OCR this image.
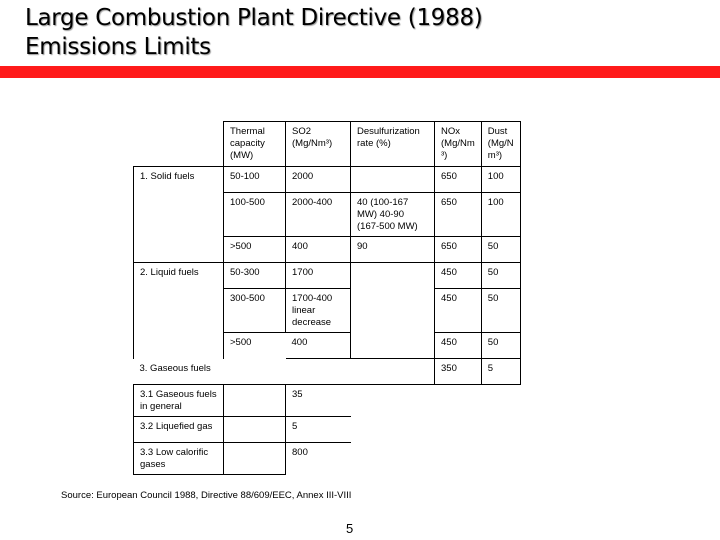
Large Combustion Plant Directive (1988)
Emissions Limits
	Thermal capacity (MW)	SO2 (Mg/Nm³)	Desulfurization rate (%)	NOx (Mg/Nm ³)	Dust (Mg/N m³)
1. Solid fuels	50-100	2000		650	100
	100-500	2000-400	40 (100-167 MW) 40-90 (167-500 MW)	650	100
	>500	400	90	650	50
2. Liquid fuels	50-300	1700		450	50
	300-500	1700-400 linear decrease		450	50
	>500	400		450	50
3. Gaseous fuels				350	5
3.1 Gaseous fuels in general		35			
3.2 Liquefied gas		5			
3.3 Low calorific gases		800			
Source: European Council 1988, Directive 88/609/EEC, Annex III-VIII
5
